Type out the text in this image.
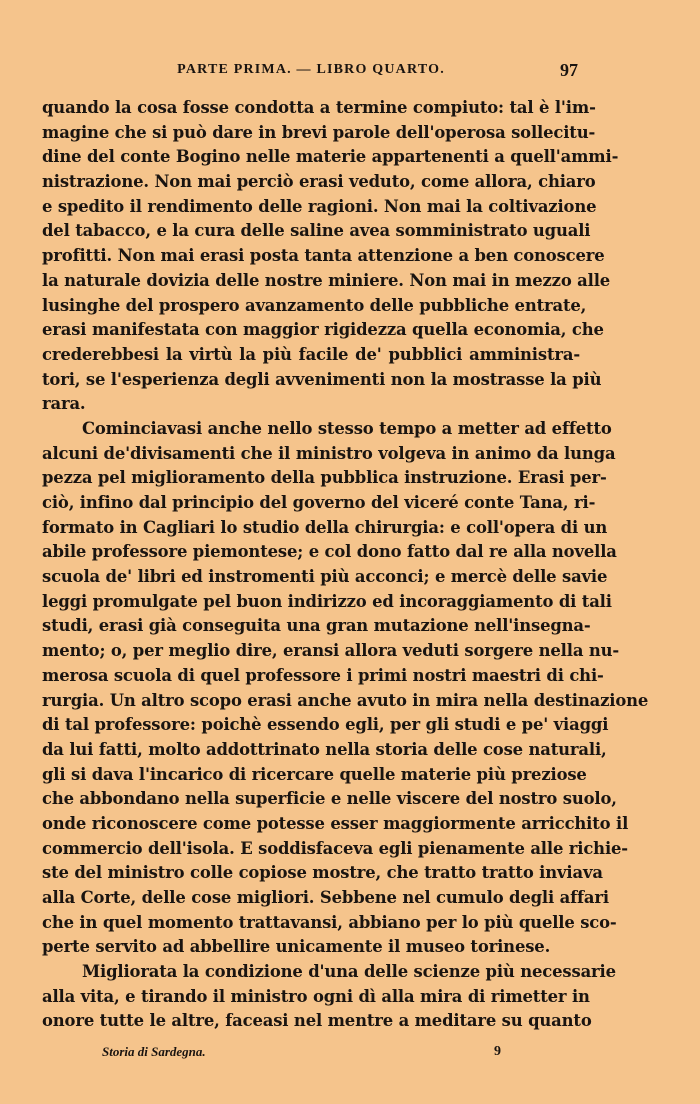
PARTE PRIMA. — LIBRO QUARTO.	97
quando la cosa fosse condotta a termine compiuto: tal è l'im-
magine che si può dare in brevi parole dell'operosa sollecitu-
dine del conte Bogino nelle materie appartenenti a quell'ammi-
nistrazione. Non mai perciò erasi veduto, come allora, chiaro
e spedito il rendimento delle ragioni. Non mai la coltivazione
del tabacco, e la cura delle saline avea somministrato uguali
profitti. Non mai erasi posta tanta attenzione a ben conoscere
la naturale dovizia delle nostre miniere. Non mai in mezzo alle
lusinghe del prospero avanzamento delle pubbliche entrate,
erasi manifestata con maggior rigidezza quella economia, che
crederebbesi la virtù la più facile de' pubblici amministra-
tori, se l'esperienza degli avvenimenti non la mostrasse la più
rara.
Cominciavasi anche nello stesso tempo a metter ad effetto
alcuni de'divisamenti che il ministro volgeva in animo da lunga
pezza pel miglioramento della pubblica instruzione. Erasi per-
ciò, infino dal principio del governo del viceré conte Tana, ri-
formato in Cagliari lo studio della chirurgia: e coll'opera di un
abile professore piemontese; e col dono fatto dal re alla novella
scuola de' libri ed instromenti più acconci; e mercè delle savie
leggi promulgate pel buon indirizzo ed incoraggiamento di tali
studi, erasi già conseguita una gran mutazione nell'insegna-
mento; o, per meglio dire, eransi allora veduti sorgere nella nu-
merosa scuola di quel professore i primi nostri maestri di chi-
rurgia. Un altro scopo erasi anche avuto in mira nella destinazione
di tal professore: poichè essendo egli, per gli studi e pe' viaggi
da lui fatti, molto addottrinato nella storia delle cose naturali,
gli si dava l'incarico di ricercare quelle materie più preziose
che abbondano nella superficie e nelle viscere del nostro suolo,
onde riconoscere come potesse esser maggiormente arricchito il
commercio dell'isola. E soddisfaceva egli pienamente alle richie-
ste del ministro colle copiose mostre, che tratto tratto inviava
alla Corte, delle cose migliori. Sebbene nel cumulo degli affari
che in quel momento trattavansi, abbiano per lo più quelle sco-
perte servito ad abbellire unicamente il museo torinese.
Migliorata la condizione d'una delle scienze più necessarie
alla vita, e tirando il ministro ogni dì alla mira di rimetter in
onore tutte le altre, faceasi nel mentre a meditare su quanto
Storia di Sardegna.	9
